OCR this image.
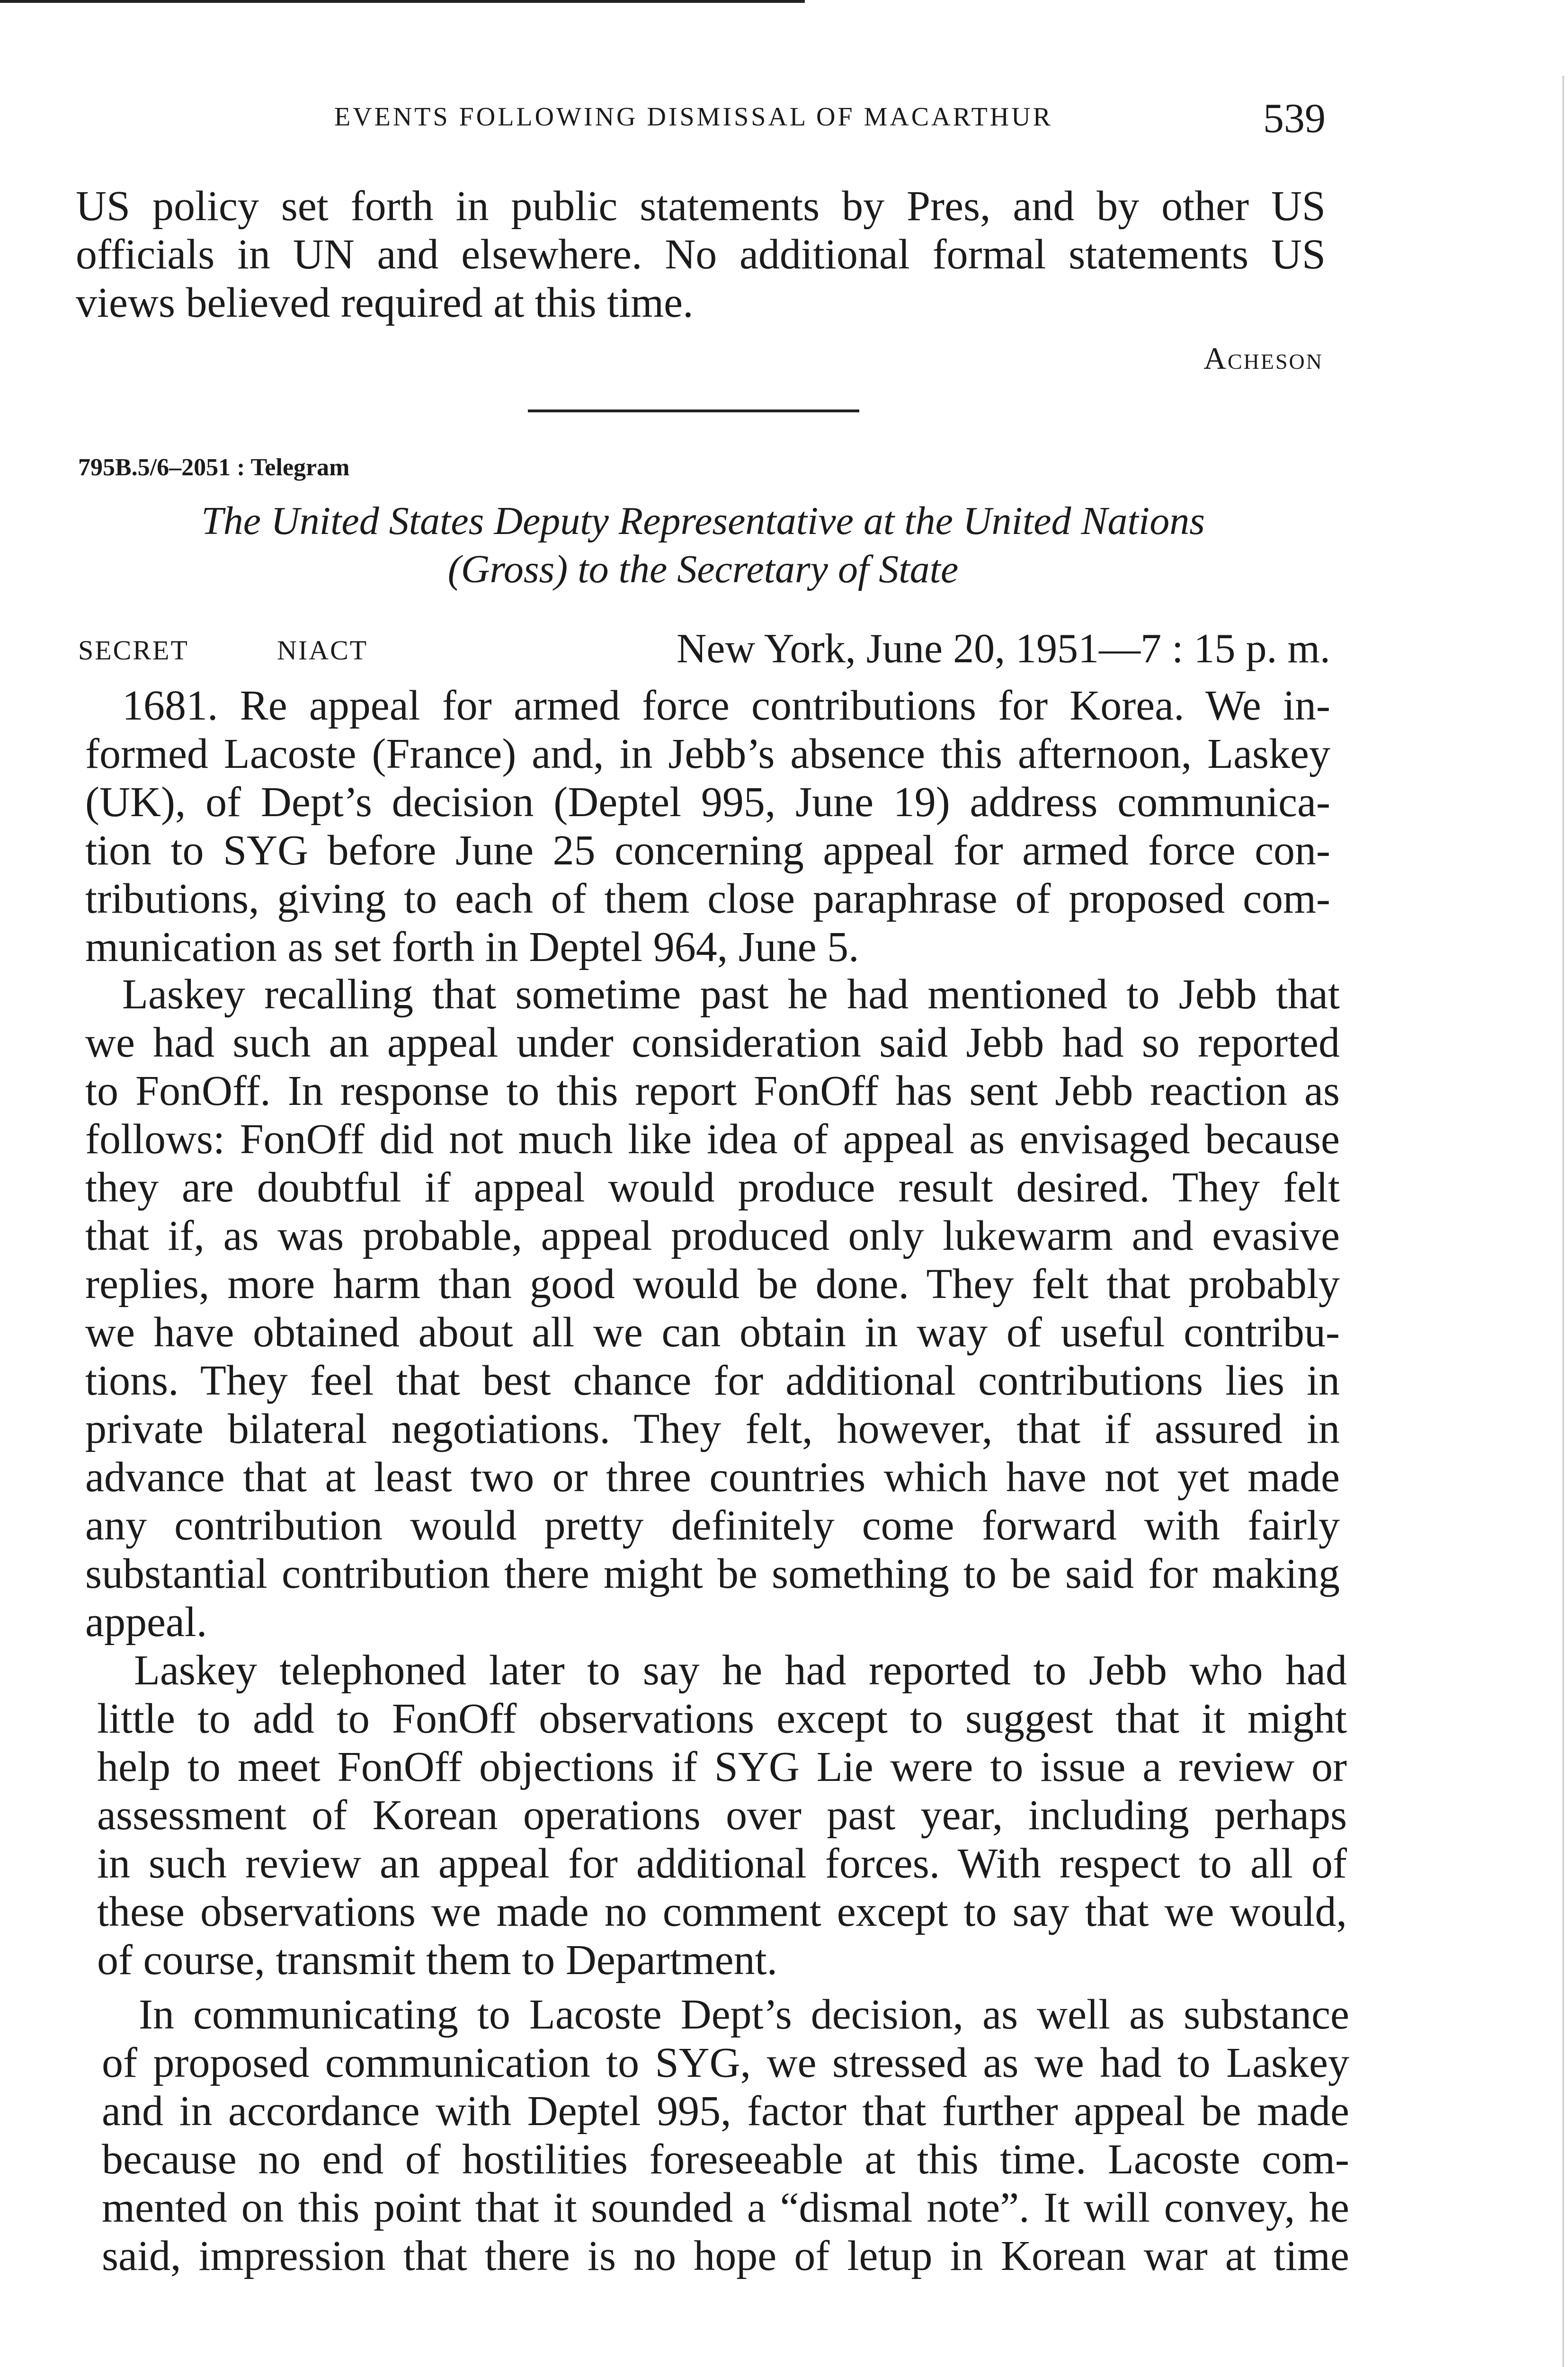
EVENTS FOLLOWING DISMISSAL OF MACARTHUR	539
US policy set forth in public statements by Pres, and by other US
officials in UN and elsewhere. No additional formal statements US
views believed required at this time.
Acheson
795B.5/6–2051 : Telegram
The United States Deputy Representative at the United Nations
(Gross) to the Secretary of State
SECRET	NIACT	New York, June 20, 1951—7 : 15 p. m.
1681. Re appeal for armed force contributions for Korea. We in-
formed Lacoste (France) and, in Jebb’s absence this afternoon, Laskey
(UK), of Dept’s decision (Deptel 995, June 19) address communica-
tion to SYG before June 25 concerning appeal for armed force con-
tributions, giving to each of them close paraphrase of proposed com-
munication as set forth in Deptel 964, June 5.
Laskey recalling that sometime past he had mentioned to Jebb that
we had such an appeal under consideration said Jebb had so reported
to FonOff. In response to this report FonOff has sent Jebb reaction as
follows: FonOff did not much like idea of appeal as envisaged because
they are doubtful if appeal would produce result desired. They felt
that if, as was probable, appeal produced only lukewarm and evasive
replies, more harm than good would be done. They felt that probably
we have obtained about all we can obtain in way of useful contribu-
tions. They feel that best chance for additional contributions lies in
private bilateral negotiations. They felt, however, that if assured in
advance that at least two or three countries which have not yet made
any contribution would pretty definitely come forward with fairly
substantial contribution there might be something to be said for making
appeal.
Laskey telephoned later to say he had reported to Jebb who had
little to add to FonOff observations except to suggest that it might
help to meet FonOff objections if SYG Lie were to issue a review or
assessment of Korean operations over past year, including perhaps
in such review an appeal for additional forces. With respect to all of
these observations we made no comment except to say that we would,
of course, transmit them to Department.
In communicating to Lacoste Dept’s decision, as well as substance
of proposed communication to SYG, we stressed as we had to Laskey
and in accordance with Deptel 995, factor that further appeal be made
because no end of hostilities foreseeable at this time. Lacoste com-
mented on this point that it sounded a “dismal note”. It will convey, he
said, impression that there is no hope of letup in Korean war at time
